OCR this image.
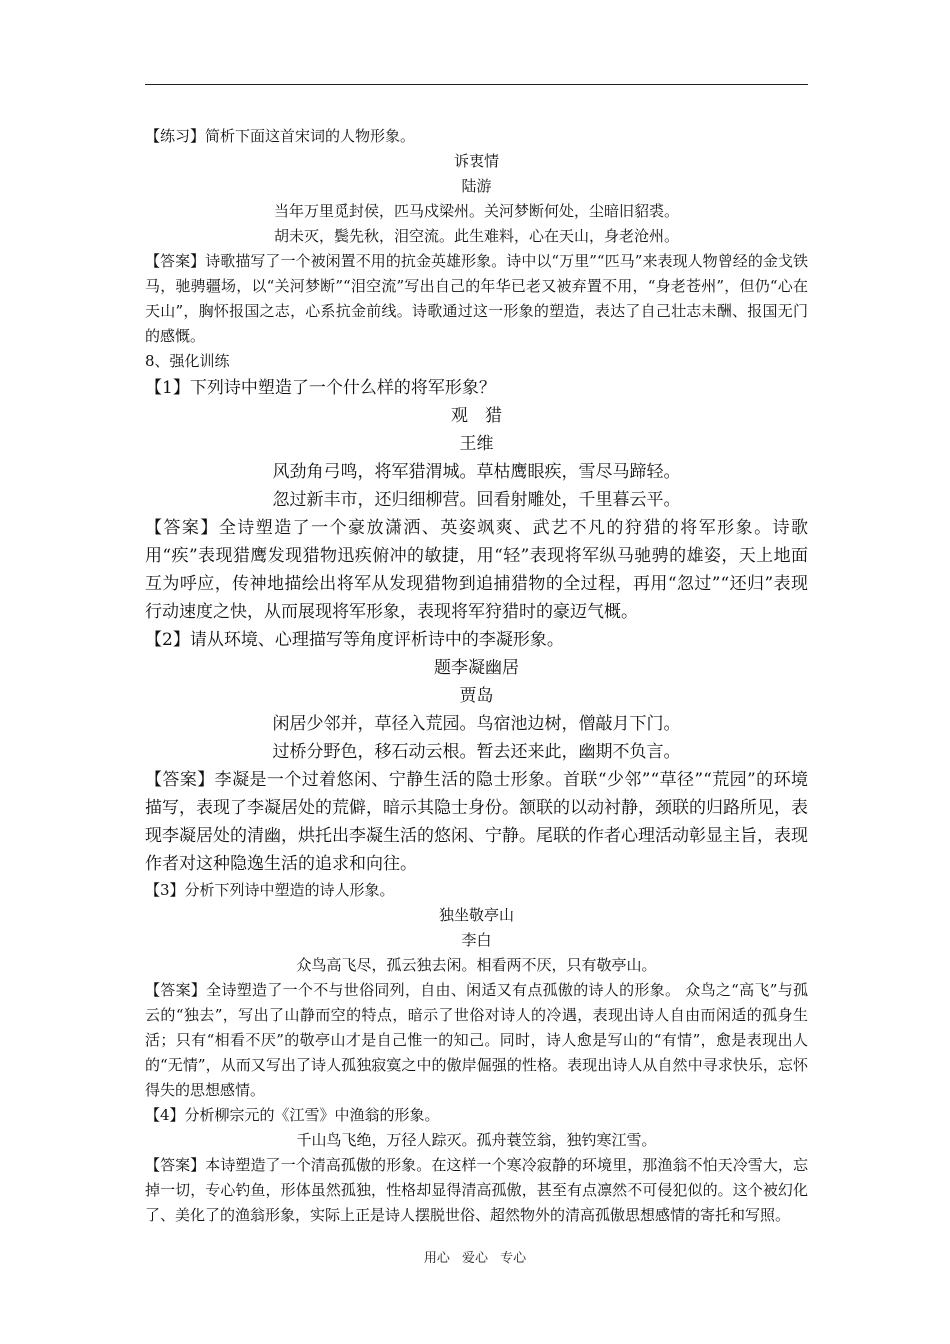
【练习】简析下面这首宋词的人物形象。

诉衷情

陆游

当年万里觅封侯，匹马戍梁州。关河梦断何处，尘暗旧貂裘。

胡未灭，鬓先秋，泪空流。此生难料，心在天山，身老沧州。

【答案】诗歌描写了一个被闲置不用的抗金英雄形象。诗中以“万里”“匹马”来表现人物曾经的金戈铁马，驰骋疆场，以“关河梦断”“泪空流”写出自己的年华已老又被弃置不用，“身老苍州”，但仍“心在天山”，胸怀报国之志，心系抗金前线。诗歌通过这一形象的塑造，表达了自己壮志未酬、报国无门的感慨。

8、强化训练

【1】下列诗中塑造了一个什么样的将军形象？

观　猎

王维

风劲角弓鸣，将军猎渭城。草枯鹰眼疾，雪尽马蹄轻。

忽过新丰市，还归细柳营。回看射雕处，千里暮云平。

【答案】全诗塑造了一个豪放潇洒、英姿飒爽、武艺不凡的狩猎的将军形象。诗歌用“疾”表现猎鹰发现猎物迅疾俯冲的敏捷，用“轻”表现将军纵马驰骋的雄姿，天上地面互为呼应，传神地描绘出将军从发现猎物到追捕猎物的全过程，再用“忽过”“还归”表现行动速度之快，从而展现将军形象，表现将军狩猎时的豪迈气概。

【2】请从环境、心理描写等角度评析诗中的李凝形象。

题李凝幽居

贾岛

闲居少邻并，草径入荒园。鸟宿池边树，僧敲月下门。

过桥分野色，移石动云根。暂去还来此，幽期不负言。

【答案】李凝是一个过着悠闲、宁静生活的隐士形象。首联“少邻”“草径”“荒园”的环境描写，表现了李凝居处的荒僻，暗示其隐士身份。颔联的以动衬静，颈联的归路所见，表现李凝居处的清幽，烘托出李凝生活的悠闲、宁静。尾联的作者心理活动彰显主旨，表现作者对这种隐逸生活的追求和向往。

【3】分析下列诗中塑造的诗人形象。

独坐敬亭山

李白

众鸟高飞尽，孤云独去闲。相看两不厌，只有敬亭山。

【答案】全诗塑造了一个不与世俗同列，自由、闲适又有点孤傲的诗人的形象。 众鸟之“高飞”与孤云的“独去”，写出了山静而空的特点，暗示了世俗对诗人的冷遇，表现出诗人自由而闲适的孤身生活；只有“相看不厌”的敬亭山才是自己惟一的知己。同时，诗人愈是写山的“有情”，愈是表现出人的“无情”，从而又写出了诗人孤独寂寞之中的傲岸倔强的性格。表现出诗人从自然中寻求快乐，忘怀得失的思想感情。

【4】分析柳宗元的《江雪》中渔翁的形象。

千山鸟飞绝，万径人踪灭。孤舟蓑笠翁，独钓寒江雪。

【答案】本诗塑造了一个清高孤傲的形象。在这样一个寒冷寂静的环境里，那渔翁不怕天冷雪大，忘掉一切，专心钓鱼，形体虽然孤独，性格却显得清高孤傲，甚至有点凛然不可侵犯似的。这个被幻化了、美化了的渔翁形象，实际上正是诗人摆脱世俗、超然物外的清高孤傲思想感情的寄托和写照。

用心 爱心 专心
